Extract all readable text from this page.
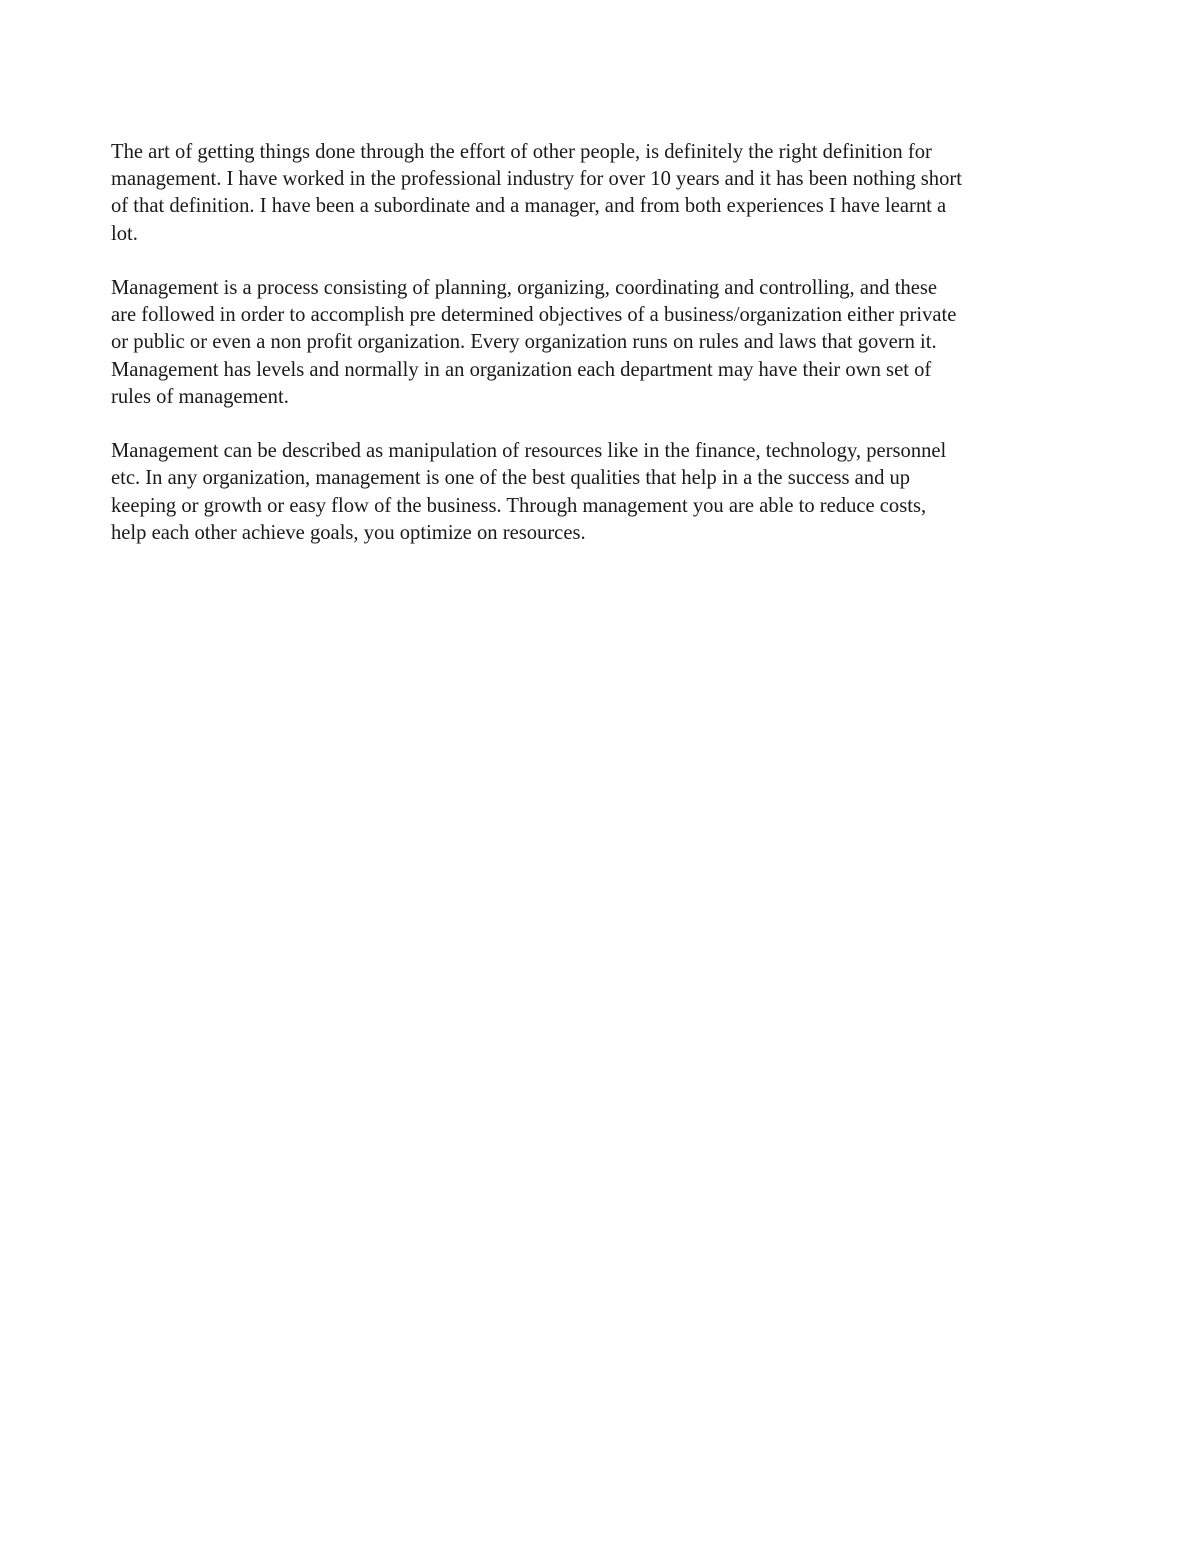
The art of getting things done through the effort of other people, is definitely the right definition for
management. I have worked in the professional industry for over 10 years and it has been nothing short
of that definition. I have been a subordinate and a manager, and from both experiences I have learnt a
lot.

Management is a process consisting of planning, organizing, coordinating and controlling, and these
are followed in order to accomplish pre determined objectives of a business/organization either private
or public or even a non profit organization. Every organization runs on rules and laws that govern it.
Management has levels and normally in an organization each department may have their own set of
rules of management.

Management can be described as manipulation of resources like in the finance, technology, personnel
etc. In any organization, management is one of the best qualities that help in a the success and up
keeping or growth or easy flow of the business. Through management you are able to reduce costs,
help each other achieve goals, you optimize on resources.
